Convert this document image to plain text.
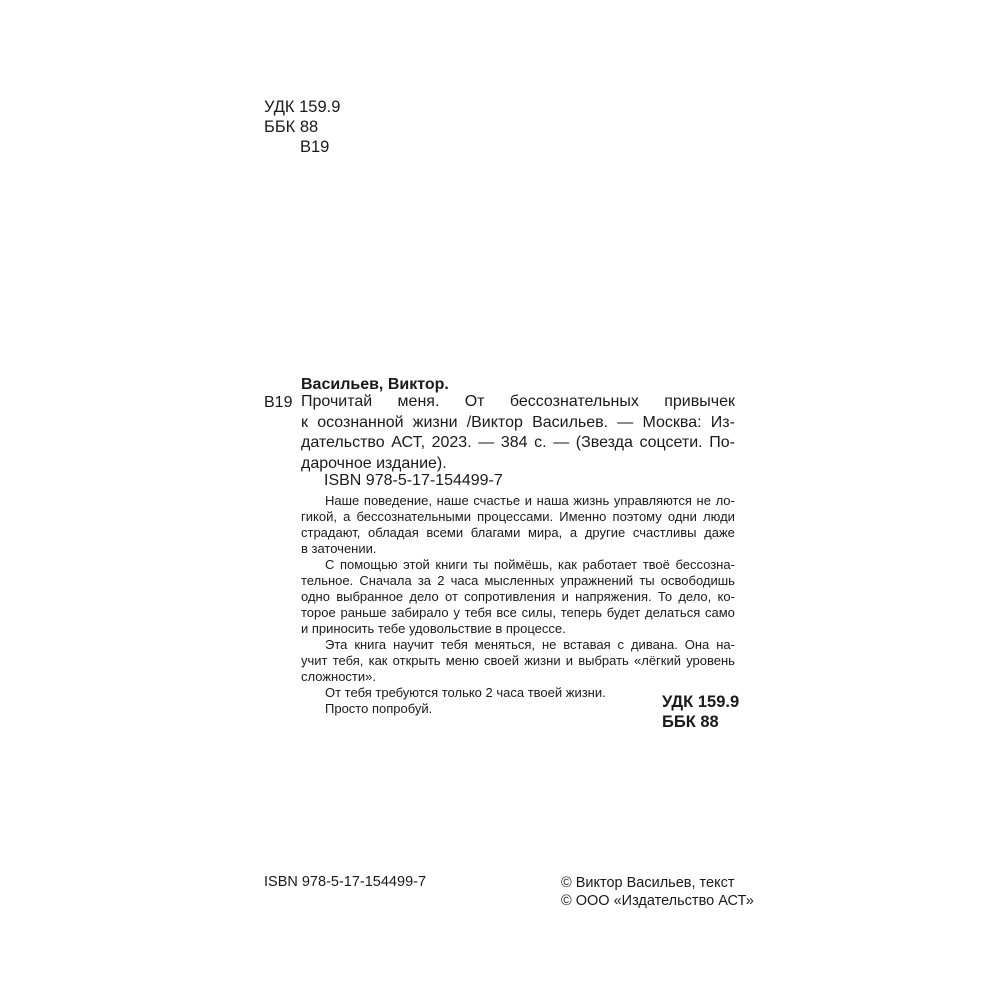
УДК 159.9
ББК 88
В19
Васильев, Виктор.
В19 Прочитай меня. От бессознательных привычек
к осознанной жизни /Виктор Васильев. — Москва: Из-
дательство АСТ, 2023. — 384 с. — (Звезда соцсети. По-
дарочное издание).
ISBN 978-5-17-154499-7
Наше поведение, наше счастье и наша жизнь управляются не ло-
гикой, а бессознательными процессами. Именно поэтому одни люди
страдают, обладая всеми благами мира, а другие счастливы даже
в заточении.
С помощью этой книги ты поймёшь, как работает твоё бессозна-
тельное. Сначала за 2 часа мысленных упражнений ты освободишь
одно выбранное дело от сопротивления и напряжения. То дело, ко-
торое раньше забирало у тебя все силы, теперь будет делаться само
и приносить тебе удовольствие в процессе.
Эта книга научит тебя меняться, не вставая с дивана. Она на-
учит тебя, как открыть меню своей жизни и выбрать «лёгкий уровень
сложности».
От тебя требуются только 2 часа твоей жизни.
Просто попробуй.	УДК 159.9
ББК 88
ISBN 978-5-17-154499-7	© Виктор Васильев, текст
© ООО «Издательство АСТ»
